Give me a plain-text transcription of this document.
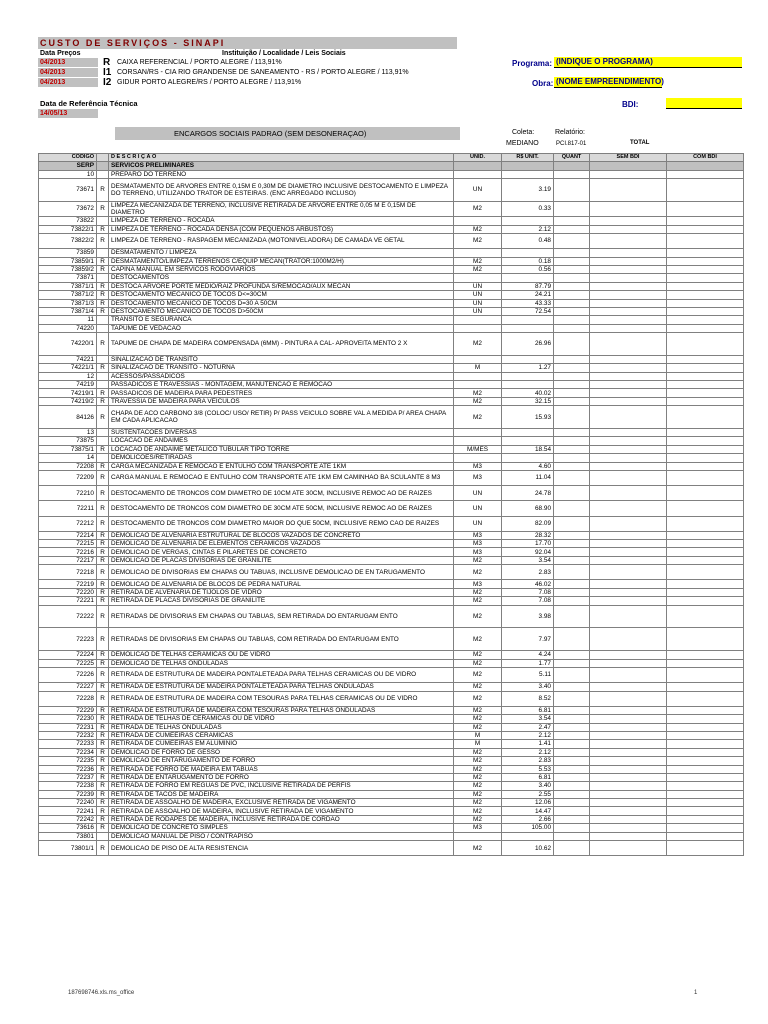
CUSTO DE SERVIÇOS - SINAPI
Data Preços	Instituição / Localidade / Leis Sociais
04/2013	R CAIXA REFERENCIAL / PORTO ALEGRE / 113,91%
04/2013	I1 CORSAN/RS - CIA RIO GRANDENSE DE SANEAMENTO - RS / PORTO ALEGRE / 113,91%
04/2013	I2 GIDUR PORTO ALEGRE/RS / PORTO ALEGRE / 113,91%
Programa: (INDIQUE O PROGRAMA)
Obra: (NOME EMPREENDIMENTO)
BDI:
Data de Referência Técnica
14/05/13
ENCARGOS SOCIAIS PADRAO (SEM DESONERAÇAO)	Coleta:
MEDIANO
Relatório:
PCI.817-01	TOTAL
CODIGO		D E S C R I Ç Ã O	UNID.	R$ UNIT.	QUANT	SEM BDI	COM BDI
SERP		SERVICOS PRELIMINARES					
10		PREPARO DO TERRENO					
73671	R	DESMATAMENTO DE ARVORES ENTRE 0,15M E 0,30M DE DIAMETRO INCLUSIVE DESTOCAMENTO E LIMPEZA DO TERRENO, UTILIZANDO TRATOR DE ESTEIRAS. (ENC ARREGADO INCLUSO)	UN	3.19			
73672	R	LIMPEZA MECANIZADA DE TERRENO, INCLUSIVE RETIRADA DE ARVORE ENTRE 0,05 M E 0,15M DE DIAMETRO	M2	0.33			
73822		LIMPEZA DE TERRENO - ROCADA					
73822/1	R	LIMPEZA DE TERRENO - ROCADA DENSA (COM PEQUENOS ARBUSTOS)	M2	2.12			
73822/2	R	LIMPEZA DE TERRENO - RASPAGEM MECANIZADA (MOTONIVELADORA) DE CAMADA VE GETAL	M2	0.48			
73859		DESMATAMENTO / LIMPEZA					
73859/1	R	DESMATAMENTO/LIMPEZA TERRENOS C/EQUIP MECAN(TRATOR:1000M2/H)	M2	0.18			
73859/2	R	CAPINA MANUAL EM SERVICOS RODOVIARIOS	M2	0.56			
73871		DESTOCAMENTOS					
73871/1	R	DESTOCA ARVORE PORTE MEDIO/RAIZ PROFUNDA S/REMOCAO/AUX MECAN	UN	87.79			
73871/2	R	DESTOCAMENTO MECANICO DE TOCOS D<=30CM	UN	24.21			
73871/3	R	DESTOCAMENTO MECANICO DE TOCOS D=30 A 50CM	UN	43.33			
73871/4	R	DESTOCAMENTO MECANICO DE TOCOS D>50CM	UN	72.54			
11		TRANSITO E SEGURANCA					
74220		TAPUME DE VEDACAO					
74220/1	R	TAPUME DE CHAPA DE MADEIRA COMPENSADA (6MM) - PINTURA A CAL- APROVEITA MENTO 2 X	M2	26.96			
74221		SINALIZACAO DE TRANSITO					
74221/1	R	SINALIZACAO DE TRANSITO - NOTURNA	M	1.27			
12		ACESSOS/PASSADICOS					
74219		PASSADICOS E TRAVESSIAS - MONTAGEM, MANUTENCAO E REMOCAO					
74219/1	R	PASSADICOS DE MADEIRA PARA PEDESTRES	M2	40.02			
74219/2	R	TRAVESSIA DE MADEIRA PARA VEICULOS	M2	32.15			
84126	R	CHAPA DE ACO CARBONO 3/8 (COLOC/ USO/ RETIR) P/ PASS VEICULO SOBRE VAL A MEDIDA P/ AREA CHAPA EM CADA APLICACAO	M2	15.93			
13		SUSTENTACOES DIVERSAS					
73875		LOCACAO DE ANDAIMES					
73875/1	R	LOCACAO DE ANDAIME METALICO TUBULAR TIPO TORRE	M/MES	18.54			
14		DEMOLICOES/RETIRADAS					
72208	R	CARGA MECANIZADA E REMOCAO E ENTULHO COM TRANSPORTE ATE 1KM	M3	4.60			
72209	R	CARGA MANUAL E REMOCAO E ENTULHO COM TRANSPORTE ATE 1KM EM CAMINHAO BA SCULANTE 8 M3	M3	11.04			
72210	R	DESTOCAMENTO DE TRONCOS COM DIAMETRO DE 10CM ATE 30CM, INCLUSIVE REMOC AO DE RAIZES	UN	24.78			
72211	R	DESTOCAMENTO DE TRONCOS COM DIAMETRO DE 30CM ATE 50CM, INCLUSIVE REMOC AO DE RAIZES	UN	68.90			
72212	R	DESTOCAMENTO DE TRONCOS COM DIAMETRO MAIOR DO QUE 50CM, INCLUSIVE REMO CAO DE RAIZES	UN	82.09			
72214	R	DEMOLICAO DE ALVENARIA ESTRUTURAL DE BLOCOS VAZADOS DE CONCRETO	M3	28.32			
72215	R	DEMOLICAO DE ALVENARIA DE ELEMENTOS CERAMICOS VAZADOS	M3	17.70			
72216	R	DEMOLICAO DE VERGAS, CINTAS E PILARETES DE CONCRETO	M3	92.04			
72217	R	DEMOLICAO DE PLACAS DIVISORIAS DE GRANILITE	M2	3.54			
72218	R	DEMOLICAO DE DIVISORIAS EM CHAPAS OU TABUAS, INCLUSIVE DEMOLICAO DE EN TARUGAMENTO	M2	2.83			
72219	R	DEMOLICAO DE ALVENARIA DE BLOCOS DE PEDRA NATURAL	M3	46.02			
72220	R	RETIRADA DE ALVENARIA DE TIJOLOS DE VIDRO	M2	7.08			
72221	R	RETIRADA DE PLACAS DIVISORIAS DE GRANILITE	M2	7.08			
72222	R	RETIRADAS DE DIVISORIAS EM CHAPAS OU TABUAS, SEM RETIRADA DO ENTARUGAM ENTO	M2	3.98			
72223	R	RETIRADAS DE DIVISORIAS EM CHAPAS OU TABUAS, COM RETIRADA DO ENTARUGAM ENTO	M2	7.97			
72224	R	DEMOLICAO DE TELHAS CERAMICAS OU DE VIDRO	M2	4.24			
72225	R	DEMOLICAO DE TELHAS ONDULADAS	M2	1.77			
72226	R	RETIRADA DE ESTRUTURA DE MADEIRA PONTALETEADA PARA TELHAS CERAMICAS OU DE VIDRO	M2	5.11			
72227	R	RETIRADA DE ESTRUTURA DE MADEIRA PONTALETEADA PARA TELHAS ONDULADAS	M2	3.40			
72228	R	RETIRADA DE ESTRUTURA DE MADEIRA COM TESOURAS PARA TELHAS CERAMICAS OU DE VIDRO	M2	8.52			
72229	R	RETIRADA DE ESTRUTURA DE MADEIRA COM TESOURAS PARA TELHAS ONDULADAS	M2	6.81			
72230	R	RETIRADA DE TELHAS DE CERAMICAS OU DE VIDRO	M2	3.54			
72231	R	RETIRADA DE TELHAS ONDULADAS	M2	2.47			
72232	R	RETIRADA DE CUMEEIRAS CERAMICAS	M	2.12			
72233	R	RETIRADA DE CUMEEIRAS EM ALUMINIO	M	1.41			
72234	R	DEMOLICAO DE FORRO DE GESSO	M2	2.12			
72235	R	DEMOLICAO DE ENTARUGAMENTO DE FORRO	M2	2.83			
72236	R	RETIRADA DE FORRO DE MADEIRA EM TABUAS	M2	5.53			
72237	R	RETIRADA DE ENTARUGAMENTO DE FORRO	M2	6.81			
72238	R	RETIRADA DE FORRO EM REGUAS DE PVC, INCLUSIVE RETIRADA DE PERFIS	M2	3.40			
72239	R	RETIRADA DE TACOS DE MADEIRA	M2	2.55			
72240	R	RETIRADA DE ASSOALHO DE MADEIRA, EXCLUSIVE RETIRADA DE VIGAMENTO	M2	12.06			
72241	R	RETIRADA DE ASSOALHO DE MADEIRA, INCLUSIVE RETIRADA DE VIGAMENTO	M2	14.47			
72242	R	RETIRADA DE RODAPES DE MADEIRA, INCLUSIVE RETIRADA DE CORDAO	M2	2.66			
73616	R	DEMOLICAO DE CONCRETO SIMPLES	M3	105.00			
73801		DEMOLICAO MANUAL DE PISO / CONTRAPISO					
73801/1	R	DEMOLICAO DE PISO DE ALTA RESISTENCIA	M2	10.62			
187698746.xls.ms_office	1
